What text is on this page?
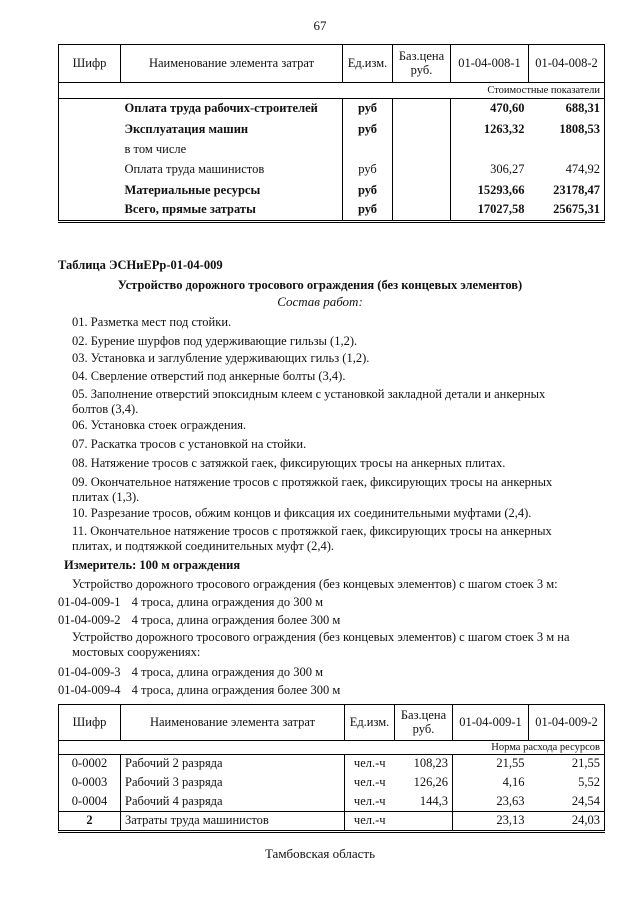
67
Шифр	Наименование элемента затрат	Ед.изм.	Баз.цена руб.	01-04-008-1	01-04-008-2
Стоимостные показатели					
	Оплата труда рабочих-строителей	руб		470,60	688,31
	Эксплуатация машин	руб		1263,32	1808,53
	в том числе				
	Оплата труда машинистов	руб		306,27	474,92
	Материальные ресурсы	руб		15293,66	23178,47
	Всего, прямые затраты	руб		17027,58	25675,31
Таблица ЭСНиЕРр-01-04-009
Устройство дорожного тросового ограждения (без концевых элементов)
Состав работ:
01. Разметка мест под стойки.
02. Бурение шурфов под удерживающие гильзы (1,2).
03. Установка и заглубление удерживающих гильз (1,2).
04. Сверление отверстий под анкерные болты (3,4).
05. Заполнение отверстий эпоксидным клеем с установкой закладной детали и анкерных болтов (3,4).
06. Установка стоек ограждения.
07. Раскатка тросов с установкой на стойки.
08. Натяжение тросов с затяжкой гаек, фиксирующих тросы на анкерных плитах.
09. Окончательное натяжение тросов с протяжкой гаек, фиксирующих тросы на анкерных плитах (1,3).
10. Разрезание тросов, обжим концов и фиксация их соединительными муфтами (2,4).
11. Окончательное натяжение тросов с протяжкой гаек, фиксирующих тросы на анкерных плитах, и подтяжкой соединительных муфт (2,4).
Измеритель: 100 м ограждения
Устройство дорожного тросового ограждения (без концевых элементов) с шагом стоек 3 м:
01-04-009-1 4 троса, длина ограждения до 300 м
01-04-009-2 4 троса, длина ограждения более 300 м
Устройство дорожного тросового ограждения (без концевых элементов) с шагом стоек 3 м на мостовых сооружениях:
01-04-009-3 4 троса, длина ограждения до 300 м
01-04-009-4 4 троса, длина ограждения более 300 м
Шифр	Наименование элемента затрат	Ед.изм.	Баз.цена руб.	01-04-009-1	01-04-009-2
Норма расхода ресурсов					
0-0002	Рабочий 2 разряда	чел.-ч	108,23	21,55	21,55
0-0003	Рабочий 3 разряда	чел.-ч	126,26	4,16	5,52
0-0004	Рабочий 4 разряда	чел.-ч	144,3	23,63	24,54
2	Затраты труда машинистов	чел.-ч		23,13	24,03
Тамбовская область
